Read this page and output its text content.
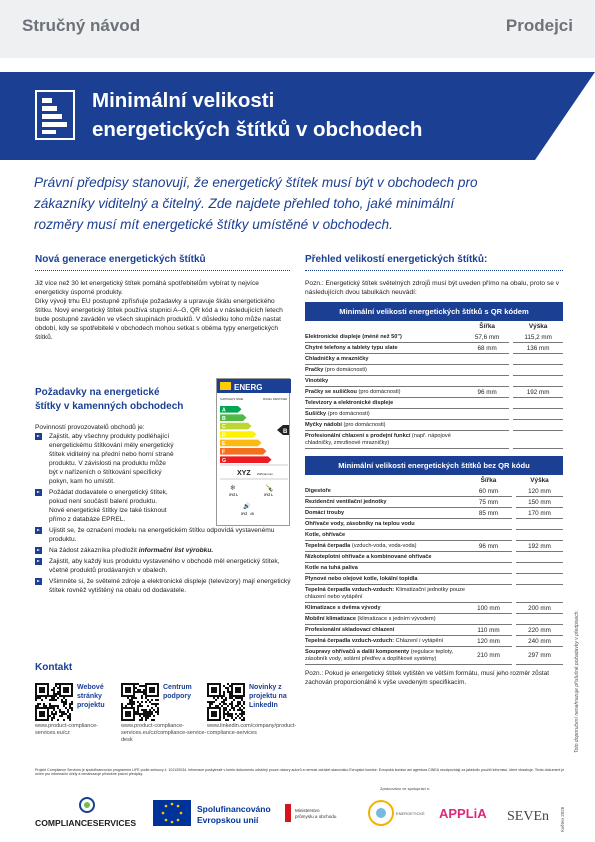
Stručný návod	Prodejci
Minimální velikosti
energetických štítků v obchodech
Právní předpisy stanovují, že energetický štítek musí být v obchodech pro zákazníky viditelný a čitelný. Zde najdete přehled toho, jaké minimální rozměry musí mít energetické štítky umístěné v obchodech.
Nová generace energetických štítků

Již více než 30 let energetický štítek pomáhá spotřebitelům vybírat ty nejvíce energeticky úsporné produkty.

Díky vývoji trhu EU postupně zpřísňuje požadavky a upravuje škálu energetického štítku. Nový energetický štítek používá stupnici A–G, QR kód a v následujících letech bude postupně zaváděn ve všech skupinách produktů. V důsledku toho může nastat období, kdy se spotřebitelé v obchodech mohou setkat s oběma typy energetických štítků.

Požadavky na energetické štítky v kamenných obchodech

Povinností provozovatelů obchodů je:

Zajistit, aby všechny produkty podléhající energetickému štítkování měly energetický štítek viditelný na přední nebo horní straně produktu. V závislosti na produktu může být v nařízeních o štítkování specifický pokyn, kam ho umístit.
Požádat dodavatele o energetický štítek, pokud není součástí balení produktu. Nové energetické štítky lze také tisknout přímo z databáze EPREL.
Ujistit se, že označení modelu na energetickém štítku odpovídá vystavenému produktu.
Na žádost zákazníka předložit informační list výrobku.
Zajistit, aby každý kus produktu vystaveného v obchodě měl energetický štítek, včetně produktů prodávaných v obalech.
Všimněte si, že světelné zdroje a elektronické displeje (televizory) mají energetický štítek rovněž vytištěný na obalu od dodavatele.
ENERG
SUPPLIER'S NAME	MODEL IDENTIFIER
A
B
C
D
E
F
G
B
XYZ kWh/annum
❄	🍾
XYZ L	XYZ L
🔊
XYZ dB
Kontakt
Webové stránky projektu
www.product-compliance-services.eu/cz
Centrum podpory
www.product-compliance-services.eu/cz/compliance-service-desk
Novinky z projektu na LinkedIn
www.linkedin.com/company/product-compliance-services
Přehled velikostí energetických štítků:

Pozn.: Energetický štítek světelných zdrojů musí být uveden přímo na obalu, proto se v následujících dvou tabulkách neuvádí:

Minimální velikosti energetických štítků s QR kódem
	Šířka		Výška
Elektronické displeje (méně než 50")	57,6 mm		115,2 mm
Chytré telefony a tablety typu slate	68 mm		136 mm
Chladničky a mrazničky			
Pračky (pro domácnosti)			
Vinotéky			
Pračky se sušičkou (pro domácnosti)	96 mm		192 mm
Televizory a elektronické displeje			
Sušičky (pro domácnosti)			
Myčky nádobí (pro domácnosti)			
Profesionální chlazení s prodejní funkcí (např. nápojové chladničky, zmrzlinové mrazničky)			
Minimální velikosti energetických štítků bez QR kódu
	Šířka		Výška
Digestoře	60 mm		120 mm
Rezidenční ventilační jednotky	75 mm		150 mm
Domácí trouby	85 mm		170 mm
Ohřívače vody, zásobníky na teplou vodu			
Kotle, ohřívače			
Tepelná čerpadla (vzduch-voda, voda-voda)	96 mm		192 mm
Nízkoteplotní ohřívače a kombinované ohřívače			
Kotle na tuhá paliva			
Plynové nebo olejové kotle, lokální topidla			
Tepelná čerpadla vzduch-vzduch: Klimatizační jednotky pouze chlazení nebo vytápění			
Klimatizace s dvěma vývody	100 mm		200 mm
Mobilní klimatizace (klimatizace s jedním vývodem)			
Profesionální skladovací chlazení	110 mm		220 mm
Tepelná čerpadla vzduch-vzduch: Chlazení i vytápění	120 mm		240 mm
Soupravy ohřívačů a další komponenty (regulace teploty, zásobník vody, solární předřev a doplňkové systémy)	210 mm		297 mm

Pozn.: Pokud je energetický štítek vytištěn ve větším formátu, musí jeho rozměr zůstat zachován proporcionálně k výše uvedeným specifikacím.	Toto doporučení nenahrazuje příslušné požadavky v předpisech.
Projekt Compliance Services je spolufinancován programem LIFE podle smlouvy č. 101120034. Informace poskytnuté v tomto dokumentu odrážejí pouze názory autorů a nemusí odrážet stanovisko Evropské komise. Evropská komise ani agentura CINEA neodpovídají za jakékoliv použití informací, které obsahuje. Tento dokument je určen pro informační účely a nenahrazuje příslušné právní předpisy.
Zpracováno ve spolupráci s:
COMPLIANCESERVICES
Spolufinancováno
Evropskou unií
Ministerstvo
průmyslu a obchodu
ENERGETICKÉ APPLiA SEVEn Květen 2026
